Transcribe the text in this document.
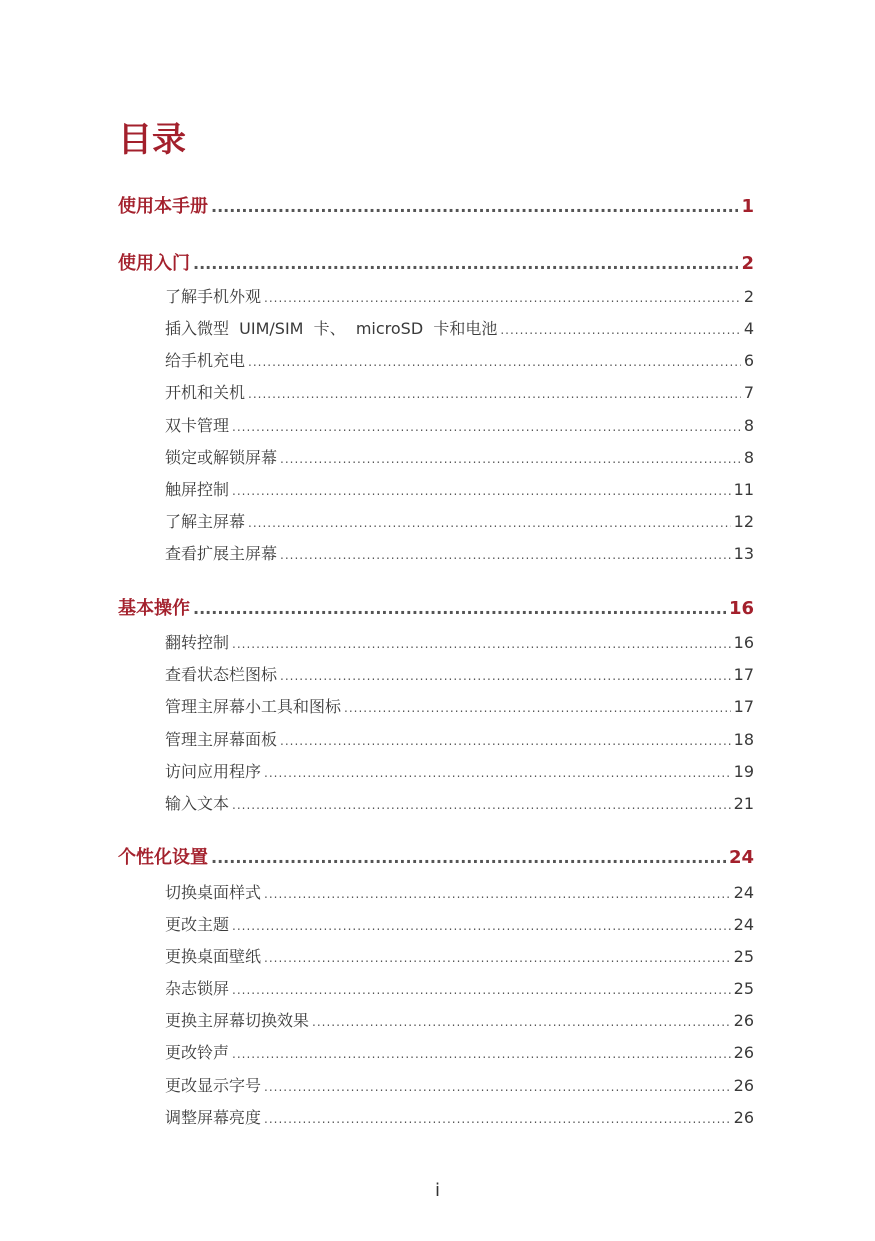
目录
使用本手册 .....	1
使用入门 .....	2
了解手机外观 .....	2
插入微型  UIM/SIM  卡、  microSD  卡和电池 .....	4
给手机充电 .....	6
开机和关机 .....	7
双卡管理 .....	8
锁定或解锁屏幕 .....	8
触屏控制 .....	11
了解主屏幕 .....	12
查看扩展主屏幕 .....	13
基本操作 .....	16
翻转控制 .....	16
查看状态栏图标 .....	17
管理主屏幕小工具和图标 .....	17
管理主屏幕面板 .....	18
访问应用程序 .....	19
输入文本 .....	21
个性化设置 .....	24
切换桌面样式 .....	24
更改主题 .....	24
更换桌面壁纸 .....	25
杂志锁屏 .....	25
更换主屏幕切换效果 .....	26
更改铃声 .....	26
更改显示字号 .....	26
调整屏幕亮度 .....	26
i
